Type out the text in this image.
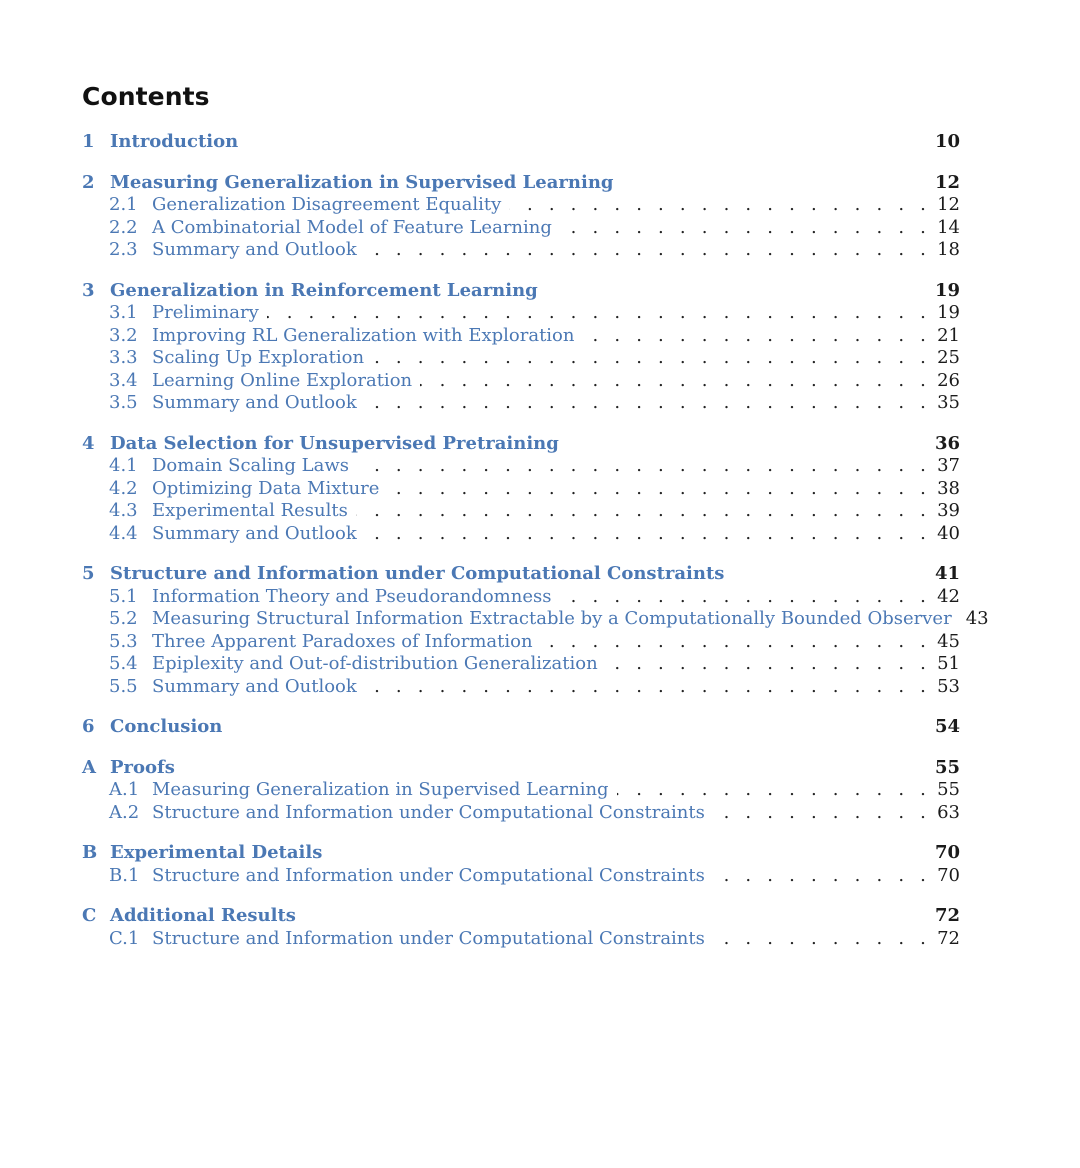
Contents
1 Introduction	10
2 Measuring Generalization in Supervised Learning	12
2.1 Generalization Disagreement Equality . . .	12
2.2 A Combinatorial Model of Feature Learning . . .	14
2.3 Summary and Outlook . . .	18
3 Generalization in Reinforcement Learning	19
3.1 Preliminary . . .	19
3.2 Improving RL Generalization with Exploration . . .	21
3.3 Scaling Up Exploration . . .	25
3.4 Learning Online Exploration . . .	26
3.5 Summary and Outlook . . .	35
4 Data Selection for Unsupervised Pretraining	36
4.1 Domain Scaling Laws . . .	37
4.2 Optimizing Data Mixture . . .	38
4.3 Experimental Results . . .	39
4.4 Summary and Outlook . . .	40
5 Structure and Information under Computational Constraints	41
5.1 Information Theory and Pseudorandomness . . .	42
5.2 Measuring Structural Information Extractable by a Computationally Bounded Observer 43
5.3 Three Apparent Paradoxes of Information . . .	45
5.4 Epiplexity and Out-of-distribution Generalization . . .	51
5.5 Summary and Outlook . . .	53
6 Conclusion	54
A Proofs	55
A.1 Measuring Generalization in Supervised Learning . . .	55
A.2 Structure and Information under Computational Constraints . . .	63
B Experimental Details	70
B.1 Structure and Information under Computational Constraints . . .	70
C Additional Results	72
C.1 Structure and Information under Computational Constraints . . .	72
